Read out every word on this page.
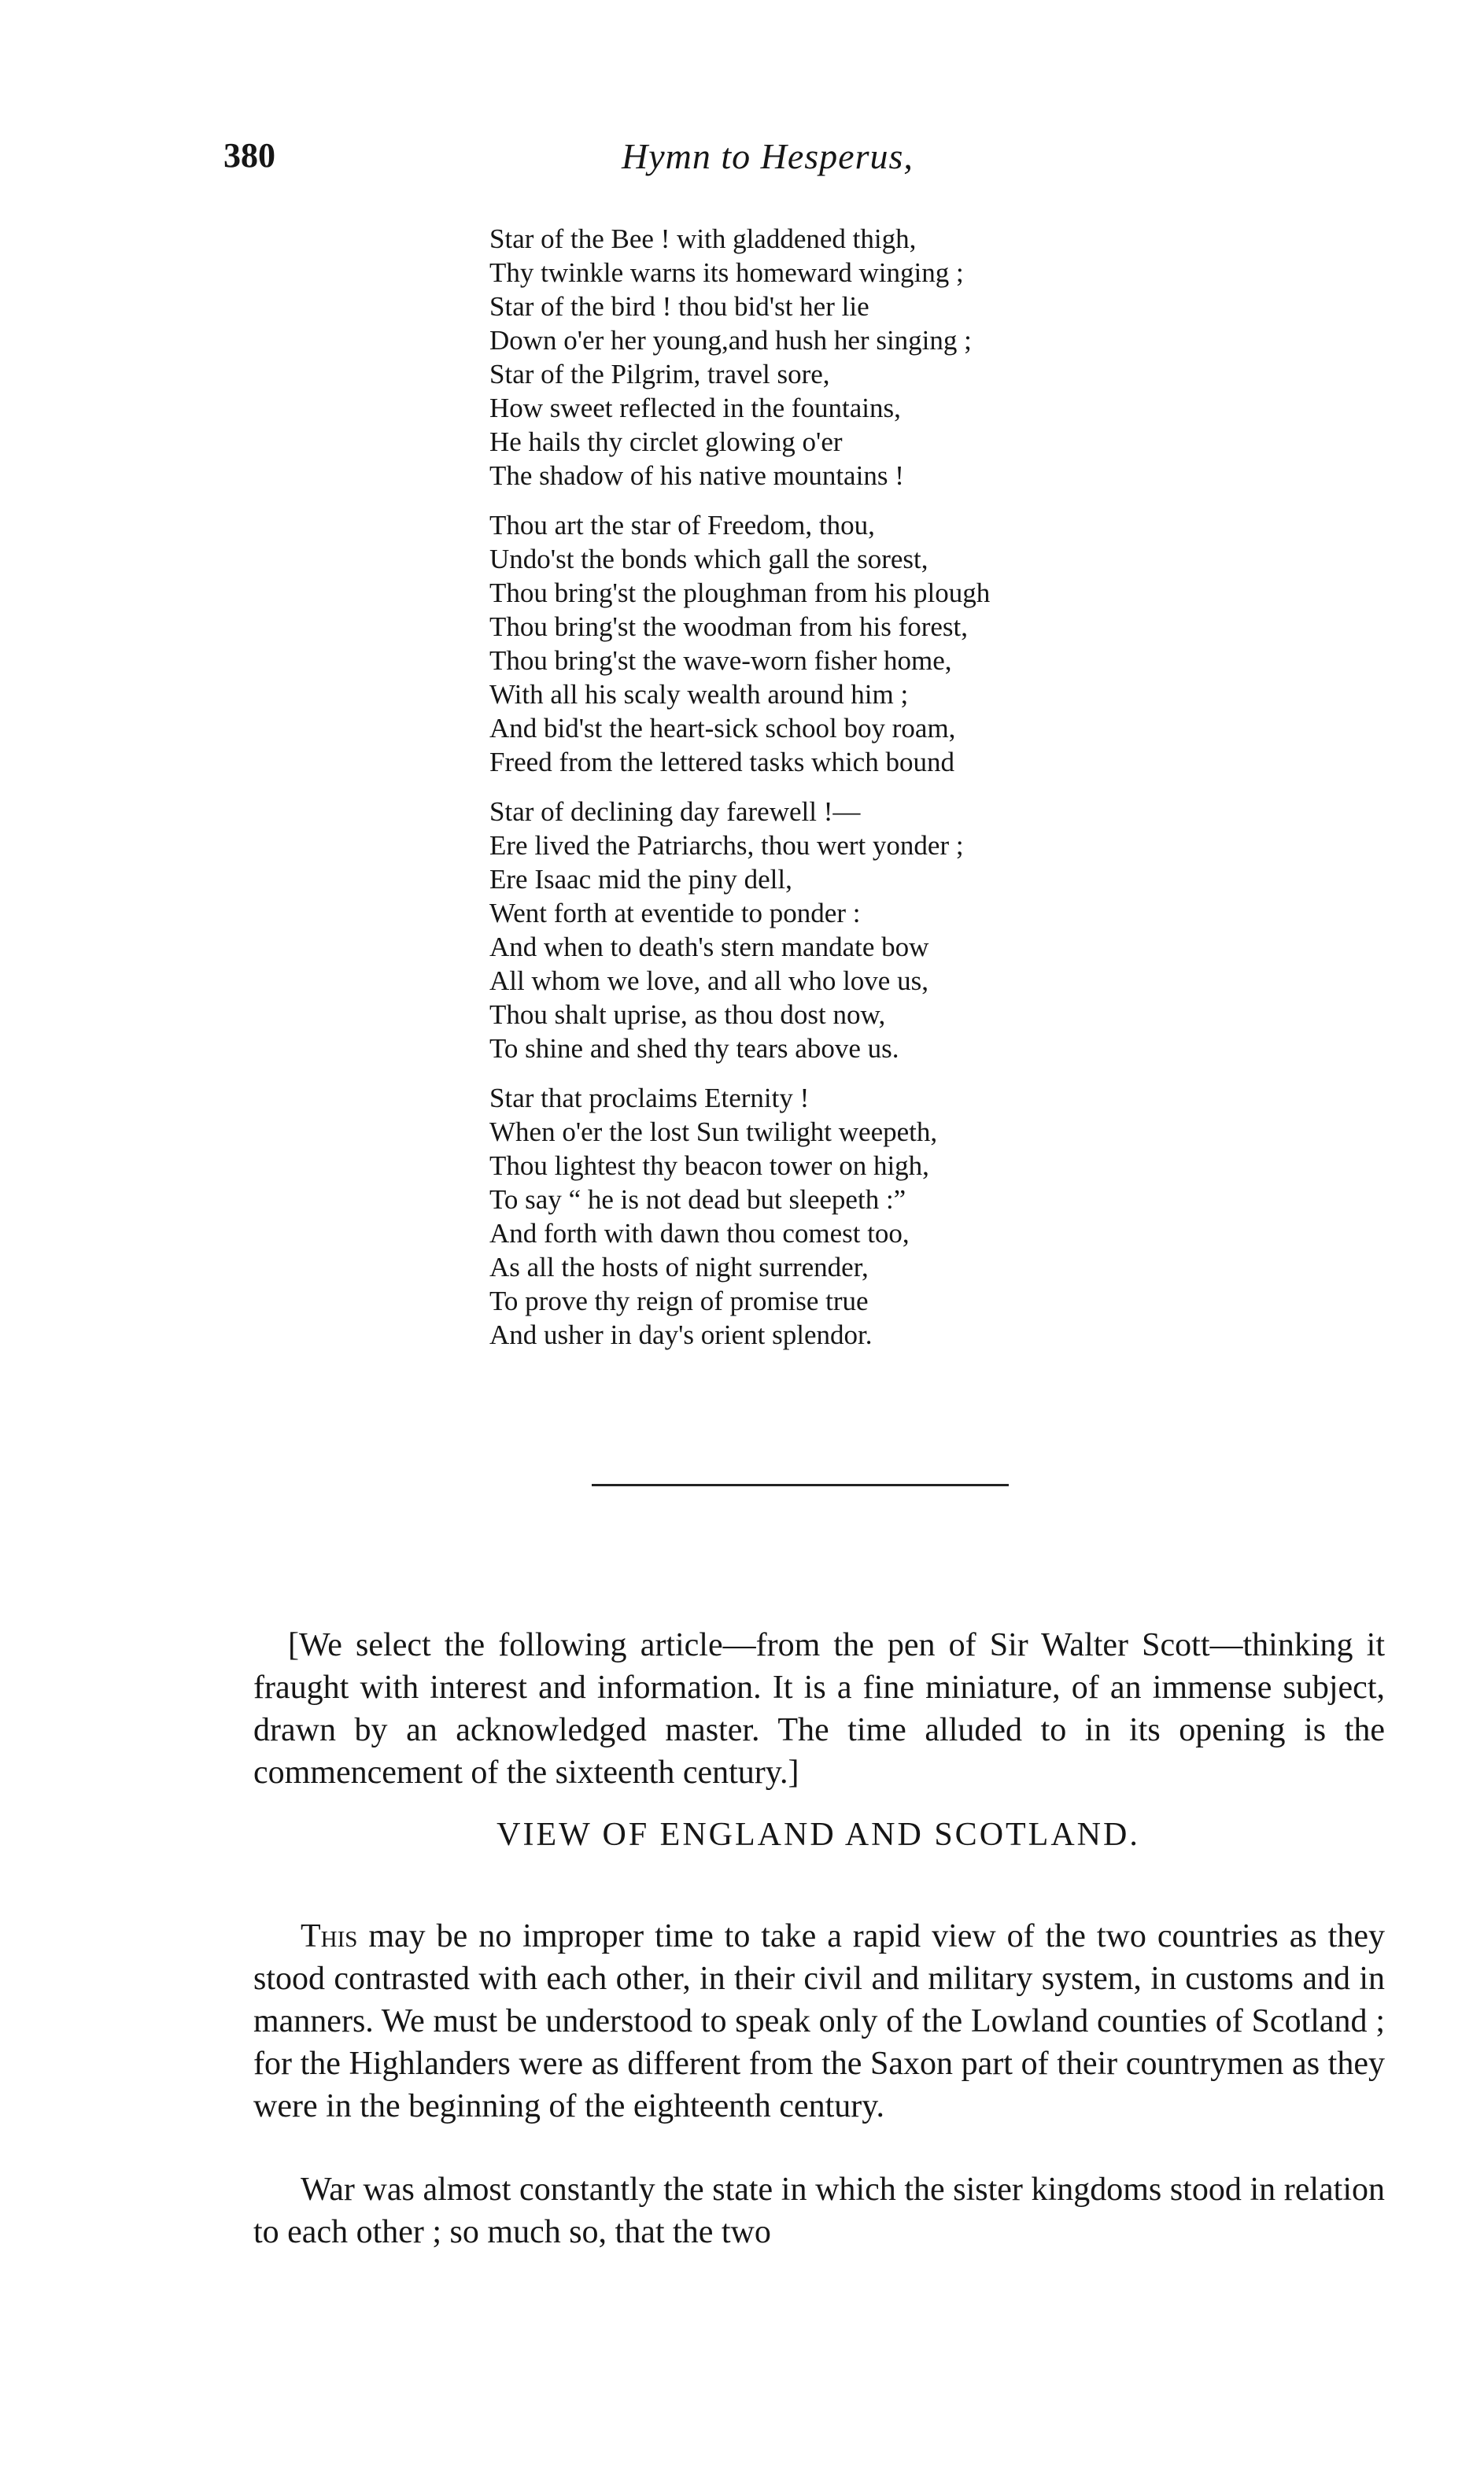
380	Hymn to Hesperus,
Star of the Bee ! with gladdened thigh,
Thy twinkle warns its homeward winging ;
Star of the bird ! thou bid'st her lie
Down o'er her young,and hush her singing ;
Star of the Pilgrim, travel sore,
How sweet reflected in the fountains,
He hails thy circlet glowing o'er
The shadow of his native mountains !
Thou art the star of Freedom, thou,
Undo'st the bonds which gall the sorest,
Thou bring'st the ploughman from his plough
Thou bring'st the woodman from his forest,
Thou bring'st the wave-worn fisher home,
With all his scaly wealth around him ;
And bid'st the heart-sick school boy roam,
Freed from the lettered tasks which bound
Star of declining day farewell !—
Ere lived the Patriarchs, thou wert yonder ;
Ere Isaac mid the piny dell,
Went forth at eventide to ponder :
And when to death's stern mandate bow
All whom we love, and all who love us,
Thou shalt uprise, as thou dost now,
To shine and shed thy tears above us.
Star that proclaims Eternity !
When o'er the lost Sun twilight weepeth,
Thou lightest thy beacon tower on high,
To say “ he is not dead but sleepeth :”
And forth with dawn thou comest too,
As all the hosts of night surrender,
To prove thy reign of promise true
And usher in day's orient splendor.

[We select the following article—from the pen of Sir Walter Scott—thinking it fraught with interest and information. It is a fine miniature, of an immense subject, drawn by an acknowledged master. The time alluded to in its opening is the commencement of the sixteenth century.]

VIEW OF ENGLAND AND SCOTLAND.

This may be no improper time to take a rapid view of the two countries as they stood contrasted with each other, in their civil and military system, in customs and in manners. We must be understood to speak only of the Lowland counties of Scotland ; for the Highlanders were as different from the Saxon part of their countrymen as they were in the beginning of the eighteenth century.

War was almost constantly the state in which the sister kingdoms stood in relation to each other ; so much so, that the two
